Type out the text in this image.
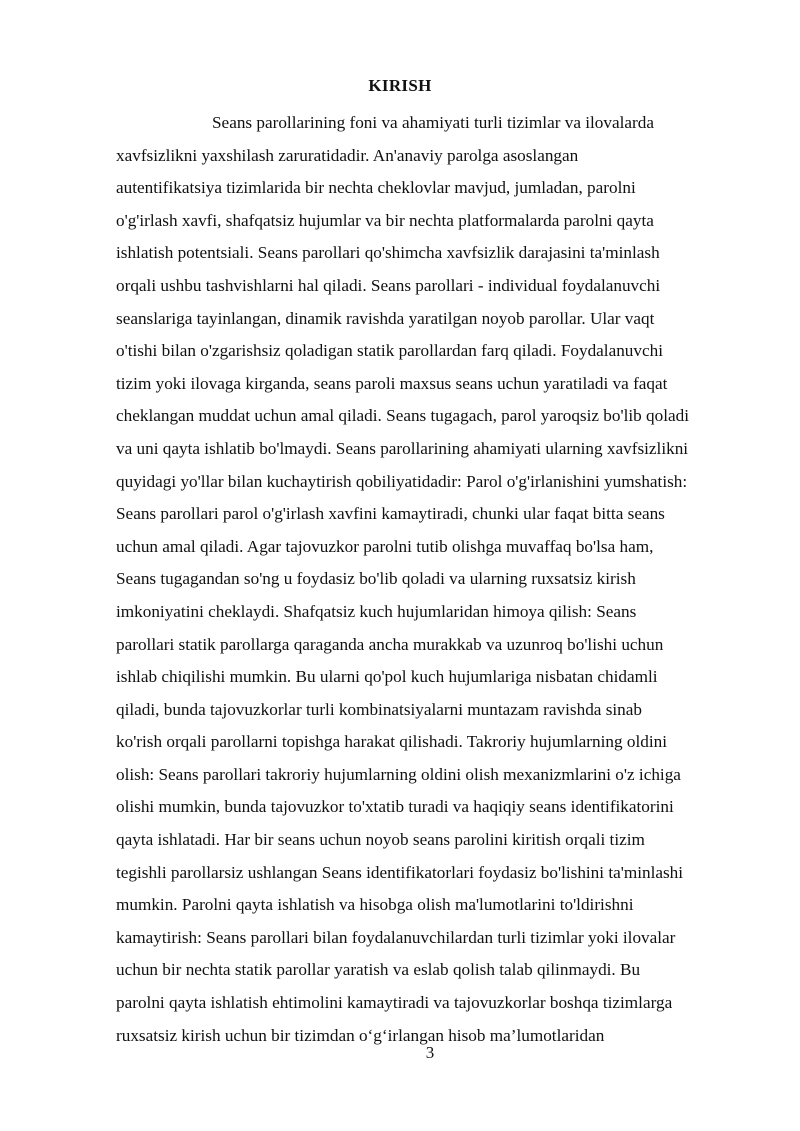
KIRISH
Seans parollarining foni va ahamiyati turli tizimlar va ilovalarda
xavfsizlikni yaxshilash zaruratidadir. An'anaviy parolga asoslangan
autentifikatsiya tizimlarida bir nechta cheklovlar mavjud, jumladan, parolni
o'g'irlash xavfi, shafqatsiz hujumlar va bir nechta platformalarda parolni qayta
ishlatish potentsiali. Seans parollari qo'shimcha xavfsizlik darajasini ta'minlash
orqali ushbu tashvishlarni hal qiladi. Seans parollari - individual foydalanuvchi
seanslariga tayinlangan, dinamik ravishda yaratilgan noyob parollar. Ular vaqt
o'tishi bilan o'zgarishsiz qoladigan statik parollardan farq qiladi. Foydalanuvchi
tizim yoki ilovaga kirganda, seans paroli maxsus seans uchun yaratiladi va faqat
cheklangan muddat uchun amal qiladi. Seans tugagach, parol yaroqsiz bo'lib qoladi
va uni qayta ishlatib bo'lmaydi. Seans parollarining ahamiyati ularning xavfsizlikni
quyidagi yo'llar bilan kuchaytirish qobiliyatidadir: Parol o'g'irlanishini yumshatish:
Seans parollari parol o'g'irlash xavfini kamaytiradi, chunki ular faqat bitta seans
uchun amal qiladi. Agar tajovuzkor parolni tutib olishga muvaffaq bo'lsa ham,
Seans tugagandan so'ng u foydasiz bo'lib qoladi va ularning ruxsatsiz kirish
imkoniyatini cheklaydi. Shafqatsiz kuch hujumlaridan himoya qilish: Seans
parollari statik parollarga qaraganda ancha murakkab va uzunroq bo'lishi uchun
ishlab chiqilishi mumkin. Bu ularni qo'pol kuch hujumlariga nisbatan chidamli
qiladi, bunda tajovuzkorlar turli kombinatsiyalarni muntazam ravishda sinab
ko'rish orqali parollarni topishga harakat qilishadi. Takroriy hujumlarning oldini
olish: Seans parollari takroriy hujumlarning oldini olish mexanizmlarini o'z ichiga
olishi mumkin, bunda tajovuzkor to'xtatib turadi va haqiqiy seans identifikatorini
qayta ishlatadi. Har bir seans uchun noyob seans parolini kiritish orqali tizim
tegishli parollarsiz ushlangan Seans identifikatorlari foydasiz bo'lishini ta'minlashi
mumkin. Parolni qayta ishlatish va hisobga olish ma'lumotlarini to'ldirishni
kamaytirish: Seans parollari bilan foydalanuvchilardan turli tizimlar yoki ilovalar
uchun bir nechta statik parollar yaratish va eslab qolish talab qilinmaydi. Bu
parolni qayta ishlatish ehtimolini kamaytiradi va tajovuzkorlar boshqa tizimlarga
ruxsatsiz kirish uchun bir tizimdan o‘g‘irlangan hisob ma’lumotlaridan
3
